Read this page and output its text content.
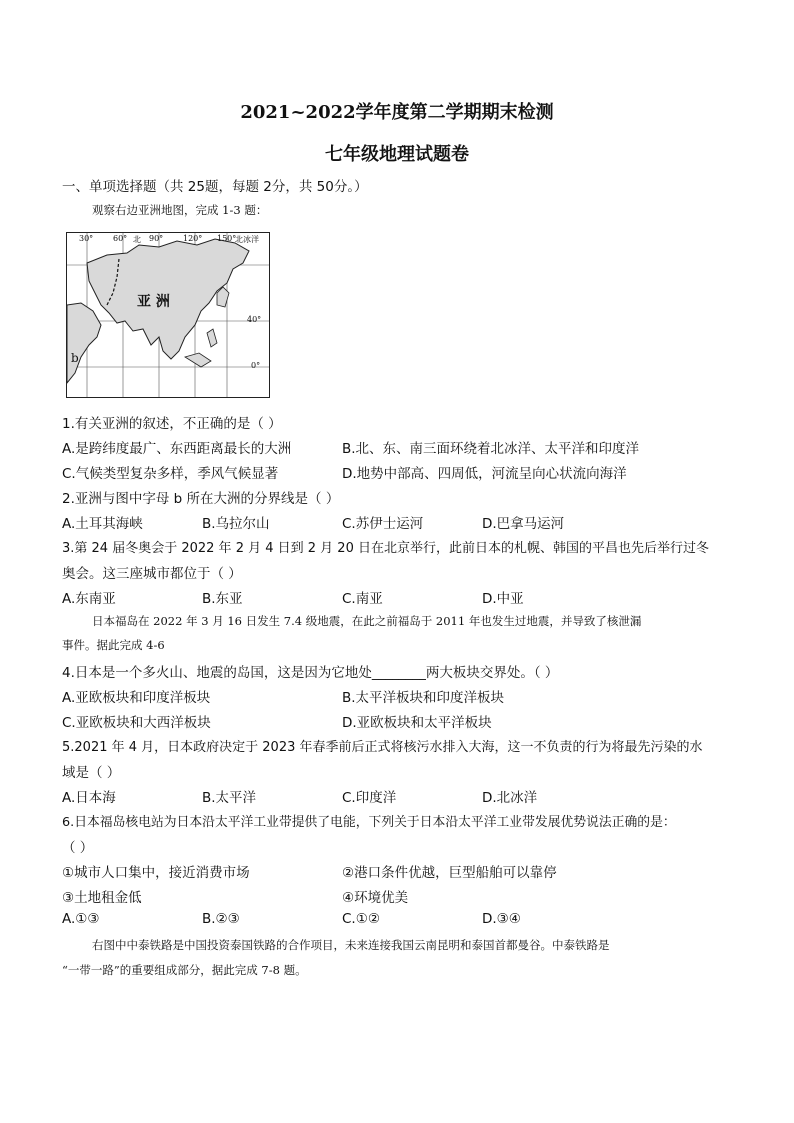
2021~2022学年度第二学期期末检测
七年级地理试题卷
一、单项选择题（共 25题，每题 2分，共 50分。）
观察右边亚洲地图，完成 1-3 题：
亚 洲
b
30° 60° 北 90° 120° 150°
北冰洋
40°
0°
1.有关亚洲的叙述，不正确的是（ ）
A.是跨纬度最广、东西距离最长的大洲	B.北、东、南三面环绕着北冰洋、太平洋和印度洋
C.气候类型复杂多样，季风气候显著	D.地势中部高、四周低，河流呈向心状流向海洋
2.亚洲与图中字母 b 所在大洲的分界线是（ ）
A.土耳其海峡	B.乌拉尔山	C.苏伊士运河	D.巴拿马运河
3.第 24 届冬奥会于 2022 年 2 月 4 日到 2 月 20 日在北京举行，此前日本的札幌、韩国的平昌也先后举行过冬
奥会。这三座城市都位于（ ）
A.东南亚	B.东亚	C.南亚	D.中亚
日本福岛在 2022 年 3 月 16 日发生 7.4 级地震，在此之前福岛于 2011 年也发生过地震，并导致了核泄漏
事件。据此完成 4-6
4.日本是一个多火山、地震的岛国，这是因为它地处________两大板块交界处。（ ）
A.亚欧板块和印度洋板块	B.太平洋板块和印度洋板块
C.亚欧板块和大西洋板块	D.亚欧板块和太平洋板块
5.2021 年 4 月，日本政府决定于 2023 年春季前后正式将核污水排入大海，这一不负责的行为将最先污染的水
域是（ ）
A.日本海	B.太平洋	C.印度洋	D.北冰洋
6.日本福岛核电站为日本沿太平洋工业带提供了电能，下列关于日本沿太平洋工业带发展优势说法正确的是：
（ ）
①城市人口集中，接近消费市场	②港口条件优越，巨型船舶可以靠停
③土地租金低	④环境优美
A.①③	B.②③	C.①②	D.③④
右图中中泰铁路是中国投资泰国铁路的合作项目，未来连接我国云南昆明和泰国首都曼谷。中泰铁路是
“一带一路”的重要组成部分，据此完成 7-8 题。
